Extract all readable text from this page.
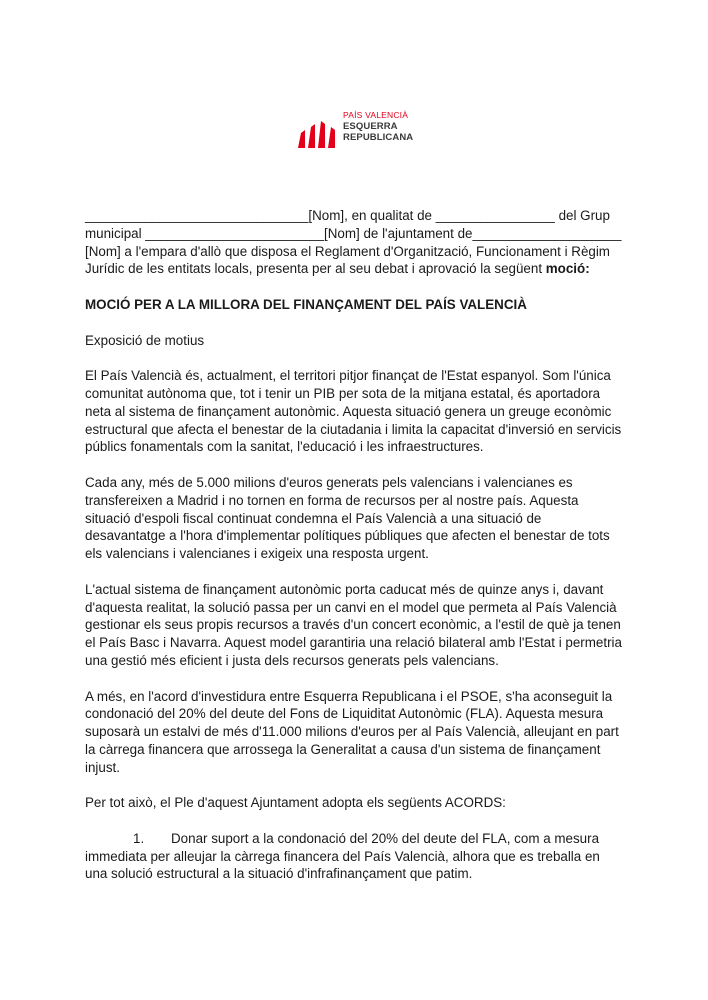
PAÍS VALENCIÀ
ESQUERRA
REPUBLICANA

______________________________[Nom], en qualitat de ________________ del Grup
municipal ________________________[Nom] de l'ajuntament de____________________
[Nom] a l'empara d'allò que disposa el Reglament d'Organització, Funcionament i Règim
Jurídic de les entitats locals, presenta per al seu debat i aprovació la següent moció:

MOCIÓ PER A LA MILLORA DEL FINANÇAMENT DEL PAÍS VALENCIÀ

Exposició de motius

El País Valencià és, actualment, el territori pitjor finançat de l'Estat espanyol. Som l'única comunitat autònoma que, tot i tenir un PIB per sota de la mitjana estatal, és aportadora neta al sistema de finançament autonòmic. Aquesta situació genera un greuge econòmic estructural que afecta el benestar de la ciutadania i limita la capacitat d'inversió en servicis públics fonamentals com la sanitat, l'educació i les infraestructures.

Cada any, més de 5.000 milions d'euros generats pels valencians i valencianes es transfereixen a Madrid i no tornen en forma de recursos per al nostre país. Aquesta situació d'espoli fiscal continuat condemna el País Valencià a una situació de desavantatge a l'hora d'implementar polítiques públiques que afecten el benestar de tots els valencians i valencianes i exigeix una resposta urgent.

L'actual sistema de finançament autonòmic porta caducat més de quinze anys i, davant d'aquesta realitat, la solució passa per un canvi en el model que permeta al País Valencià gestionar els seus propis recursos a través d'un concert econòmic, a l'estil de què ja tenen el País Basc i Navarra. Aquest model garantiria una relació bilateral amb l'Estat i permetria una gestió més eficient i justa dels recursos generats pels valencians.

A més, en l'acord d'investidura entre Esquerra Republicana i el PSOE, s'ha aconseguit la condonació del 20% del deute del Fons de Liquiditat Autonòmic (FLA). Aquesta mesura suposarà un estalvi de més d'11.000 milions d'euros per al País Valencià, alleujant en part la càrrega financera que arrossega la Generalitat a causa d'un sistema de finançament injust.

Per tot això, el Ple d'aquest Ajuntament adopta els següents ACORDS:

1. Donar suport a la condonació del 20% del deute del FLA, com a mesura
immediata per alleujar la càrrega financera del País Valencià, alhora que es treballa en una solució estructural a la situació d'infrafinançament que patim.
